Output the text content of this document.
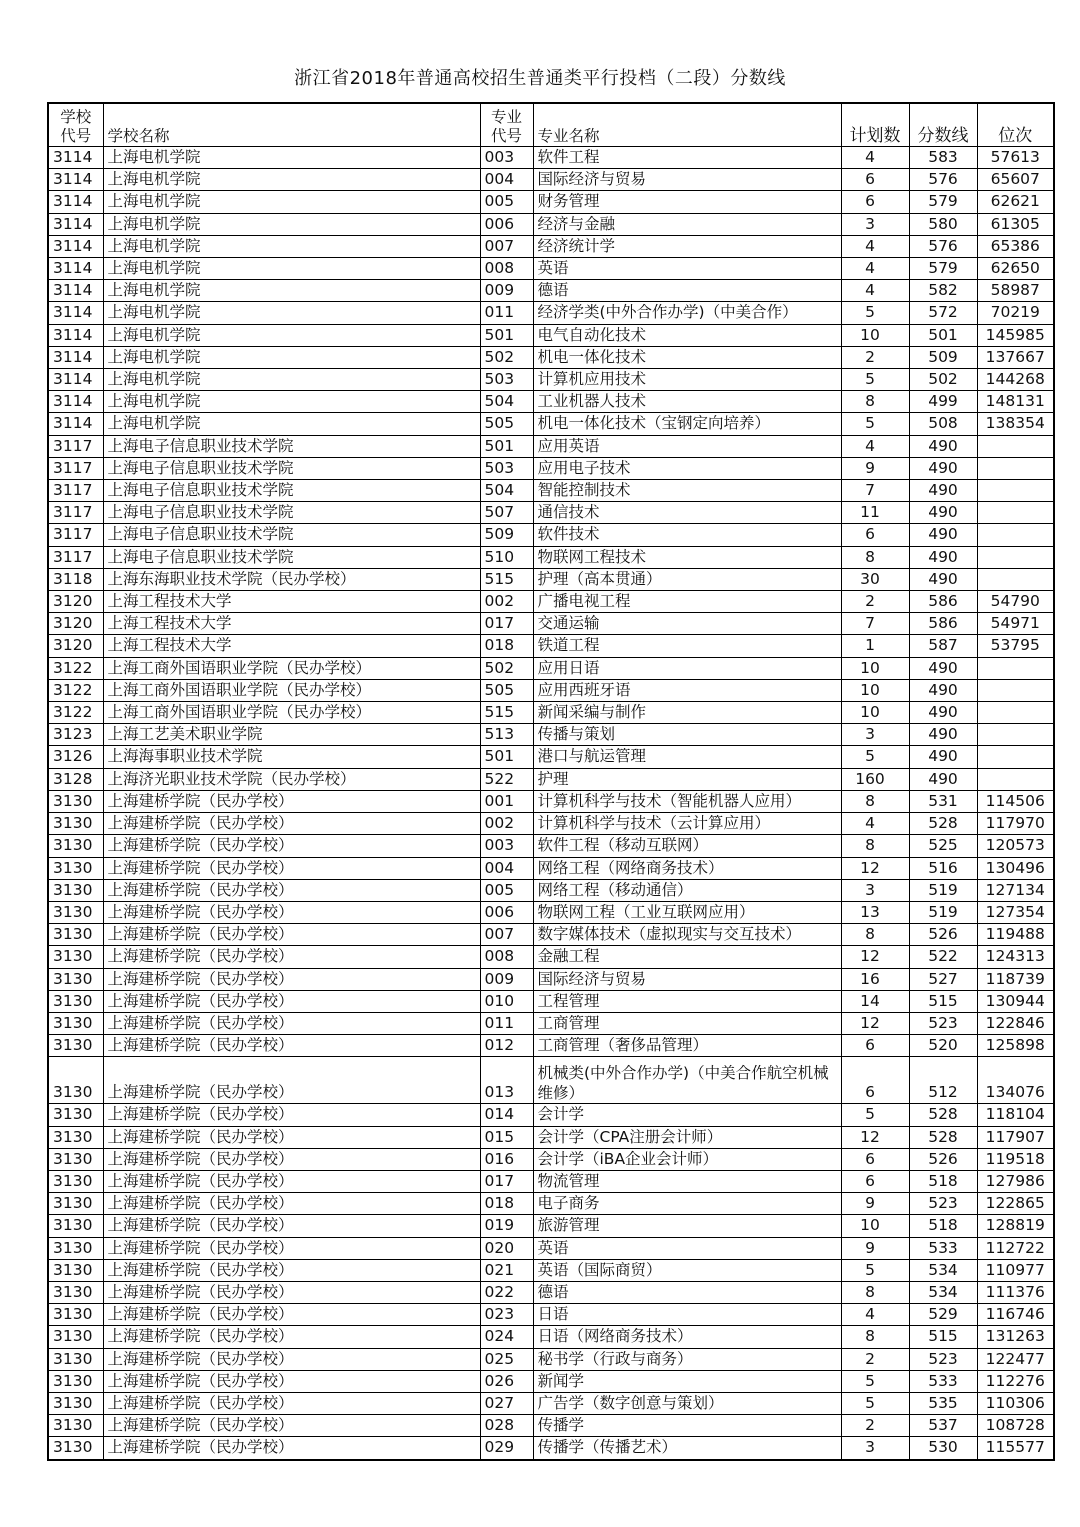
浙江省2018年普通高校招生普通类平行投档（二段）分数线
学校
代号	学校名称	专业
代号	专业名称	计划数	分数线	位次
3114	上海电机学院	003	软件工程	4	583	57613
3114	上海电机学院	004	国际经济与贸易	6	576	65607
3114	上海电机学院	005	财务管理	6	579	62621
3114	上海电机学院	006	经济与金融	3	580	61305
3114	上海电机学院	007	经济统计学	4	576	65386
3114	上海电机学院	008	英语	4	579	62650
3114	上海电机学院	009	德语	4	582	58987
3114	上海电机学院	011	经济学类(中外合作办学)（中美合作）	5	572	70219
3114	上海电机学院	501	电气自动化技术	10	501	145985
3114	上海电机学院	502	机电一体化技术	2	509	137667
3114	上海电机学院	503	计算机应用技术	5	502	144268
3114	上海电机学院	504	工业机器人技术	8	499	148131
3114	上海电机学院	505	机电一体化技术（宝钢定向培养）	5	508	138354
3117	上海电子信息职业技术学院	501	应用英语	4	490	
3117	上海电子信息职业技术学院	503	应用电子技术	9	490	
3117	上海电子信息职业技术学院	504	智能控制技术	7	490	
3117	上海电子信息职业技术学院	507	通信技术	11	490	
3117	上海电子信息职业技术学院	509	软件技术	6	490	
3117	上海电子信息职业技术学院	510	物联网工程技术	8	490	
3118	上海东海职业技术学院（民办学校）	515	护理（高本贯通）	30	490	
3120	上海工程技术大学	002	广播电视工程	2	586	54790
3120	上海工程技术大学	017	交通运输	7	586	54971
3120	上海工程技术大学	018	铁道工程	1	587	53795
3122	上海工商外国语职业学院（民办学校）	502	应用日语	10	490	
3122	上海工商外国语职业学院（民办学校）	505	应用西班牙语	10	490	
3122	上海工商外国语职业学院（民办学校）	515	新闻采编与制作	10	490	
3123	上海工艺美术职业学院	513	传播与策划	3	490	
3126	上海海事职业技术学院	501	港口与航运管理	5	490	
3128	上海济光职业技术学院（民办学校）	522	护理	160	490	
3130	上海建桥学院（民办学校）	001	计算机科学与技术（智能机器人应用）	8	531	114506
3130	上海建桥学院（民办学校）	002	计算机科学与技术（云计算应用）	4	528	117970
3130	上海建桥学院（民办学校）	003	软件工程（移动互联网）	8	525	120573
3130	上海建桥学院（民办学校）	004	网络工程（网络商务技术）	12	516	130496
3130	上海建桥学院（民办学校）	005	网络工程（移动通信）	3	519	127134
3130	上海建桥学院（民办学校）	006	物联网工程（工业互联网应用）	13	519	127354
3130	上海建桥学院（民办学校）	007	数字媒体技术（虚拟现实与交互技术）	8	526	119488
3130	上海建桥学院（民办学校）	008	金融工程	12	522	124313
3130	上海建桥学院（民办学校）	009	国际经济与贸易	16	527	118739
3130	上海建桥学院（民办学校）	010	工程管理	14	515	130944
3130	上海建桥学院（民办学校）	011	工商管理	12	523	122846
3130	上海建桥学院（民办学校）	012	工商管理（奢侈品管理）	6	520	125898
3130	上海建桥学院（民办学校）	013	机械类(中外合作办学)（中美合作航空机械维修）	6	512	134076
3130	上海建桥学院（民办学校）	014	会计学	5	528	118104
3130	上海建桥学院（民办学校）	015	会计学（CPA注册会计师）	12	528	117907
3130	上海建桥学院（民办学校）	016	会计学（iBA企业会计师）	6	526	119518
3130	上海建桥学院（民办学校）	017	物流管理	6	518	127986
3130	上海建桥学院（民办学校）	018	电子商务	9	523	122865
3130	上海建桥学院（民办学校）	019	旅游管理	10	518	128819
3130	上海建桥学院（民办学校）	020	英语	9	533	112722
3130	上海建桥学院（民办学校）	021	英语（国际商贸）	5	534	110977
3130	上海建桥学院（民办学校）	022	德语	8	534	111376
3130	上海建桥学院（民办学校）	023	日语	4	529	116746
3130	上海建桥学院（民办学校）	024	日语（网络商务技术）	8	515	131263
3130	上海建桥学院（民办学校）	025	秘书学（行政与商务）	2	523	122477
3130	上海建桥学院（民办学校）	026	新闻学	5	533	112276
3130	上海建桥学院（民办学校）	027	广告学（数字创意与策划）	5	535	110306
3130	上海建桥学院（民办学校）	028	传播学	2	537	108728
3130	上海建桥学院（民办学校）	029	传播学（传播艺术）	3	530	115577
